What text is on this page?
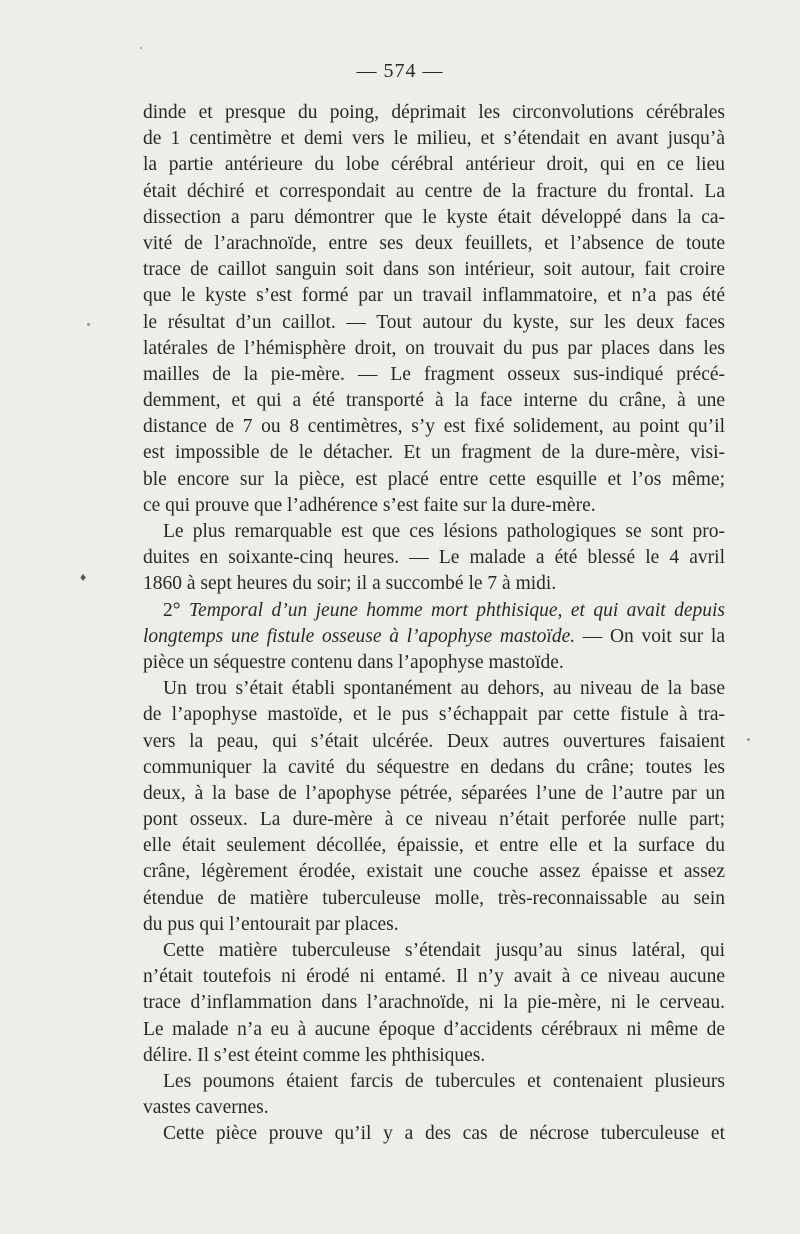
— 574 —
dinde et presque du poing, déprimait les circonvolutions cérébrales
de 1 centimètre et demi vers le milieu, et s’étendait en avant jusqu’à
la partie antérieure du lobe cérébral antérieur droit, qui en ce lieu
était déchiré et correspondait au centre de la fracture du frontal. La
dissection a paru démontrer que le kyste était développé dans la ca-
vité de l’arachnoïde, entre ses deux feuillets, et l’absence de toute
trace de caillot sanguin soit dans son intérieur, soit autour, fait croire
que le kyste s’est formé par un travail inflammatoire, et n’a pas été
le résultat d’un caillot. — Tout autour du kyste, sur les deux faces
latérales de l’hémisphère droit, on trouvait du pus par places dans les
mailles de la pie-mère. — Le fragment osseux sus-indiqué précé-
demment, et qui a été transporté à la face interne du crâne, à une
distance de 7 ou 8 centimètres, s’y est fixé solidement, au point qu’il
est impossible de le détacher. Et un fragment de la dure-mère, visi-
ble encore sur la pièce, est placé entre cette esquille et l’os même;
ce qui prouve que l’adhérence s’est faite sur la dure-mère.
Le plus remarquable est que ces lésions pathologiques se sont pro-
duites en soixante-cinq heures. — Le malade a été blessé le 4 avril
1860 à sept heures du soir; il a succombé le 7 à midi.
2° Temporal d’un jeune homme mort phthisique, et qui avait depuis
longtemps une fistule osseuse à l’apophyse mastoïde. — On voit sur la
pièce un séquestre contenu dans l’apophyse mastoïde.
Un trou s’était établi spontanément au dehors, au niveau de la base
de l’apophyse mastoïde, et le pus s’échappait par cette fistule à tra-
vers la peau, qui s’était ulcérée. Deux autres ouvertures faisaient
communiquer la cavité du séquestre en dedans du crâne; toutes les
deux, à la base de l’apophyse pétrée, séparées l’une de l’autre par un
pont osseux. La dure-mère à ce niveau n’était perforée nulle part;
elle était seulement décollée, épaissie, et entre elle et la surface du
crâne, légèrement érodée, existait une couche assez épaisse et assez
étendue de matière tuberculeuse molle, très-reconnaissable au sein
du pus qui l’entourait par places.
Cette matière tuberculeuse s’étendait jusqu’au sinus latéral, qui
n’était toutefois ni érodé ni entamé. Il n’y avait à ce niveau aucune
trace d’inflammation dans l’arachnoïde, ni la pie-mère, ni le cerveau.
Le malade n’a eu à aucune époque d’accidents cérébraux ni même de
délire. Il s’est éteint comme les phthisiques.
Les poumons étaient farcis de tubercules et contenaient plusieurs
vastes cavernes.
Cette pièce prouve qu’il y a des cas de nécrose tuberculeuse et
♦
